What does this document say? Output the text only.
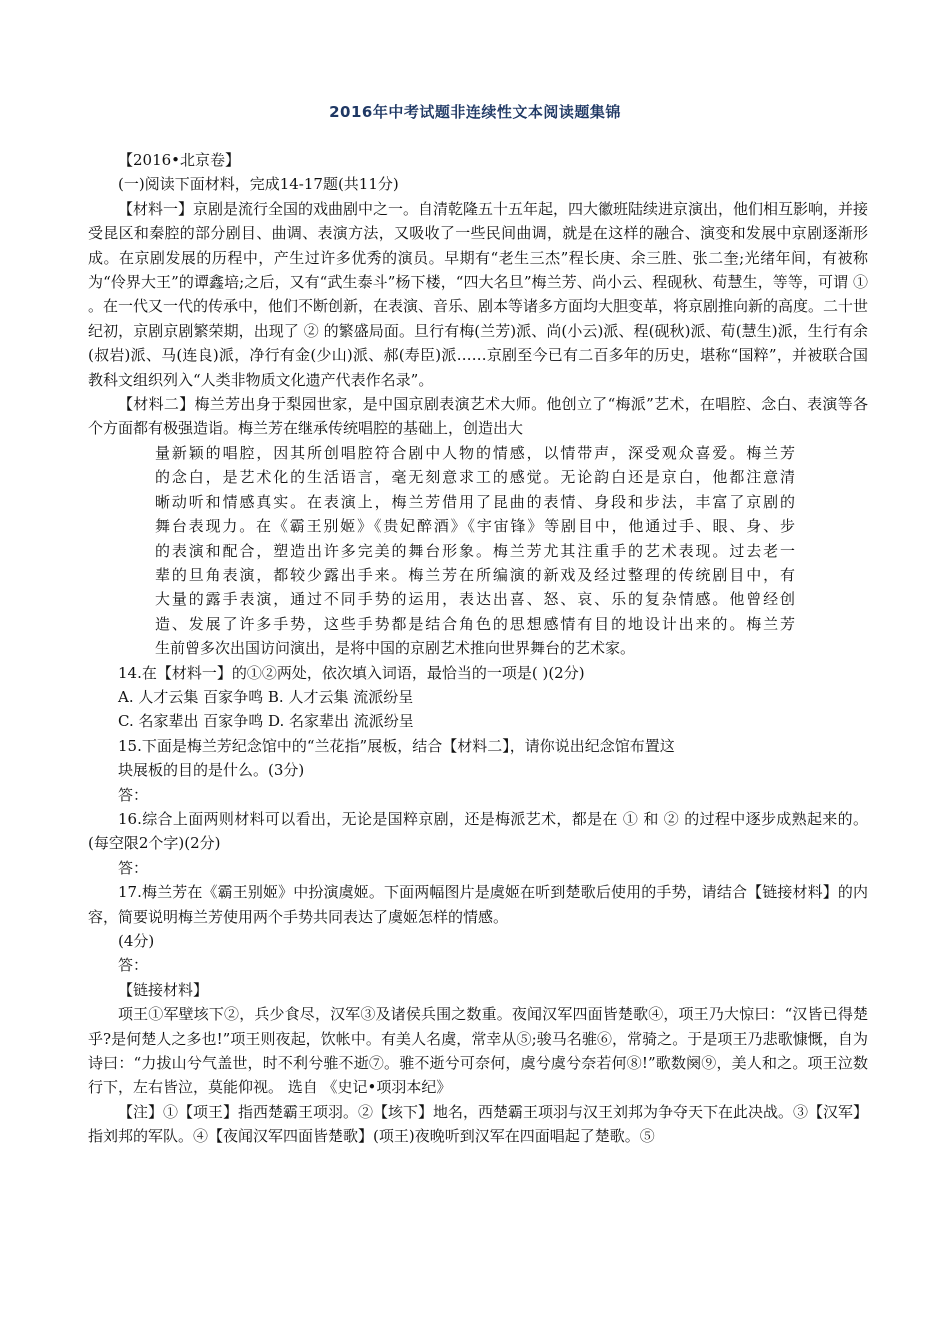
2016年中考试题非连续性文本阅读题集锦

【2016•北京卷】

(一)阅读下面材料，完成14-17题(共11分)

【材料一】京剧是流行全国的戏曲剧中之一。自清乾隆五十五年起，四大徽班陆续进京演出，他们相互影响，并接受昆区和秦腔的部分剧目、曲调、表演方法，又吸收了一些民间曲调，就是在这样的融合、演变和发展中京剧逐渐形成。在京剧发展的历程中，产生过许多优秀的演员。早期有“老生三杰”程长庚、余三胜、张二奎;光绪年间，有被称为“伶界大王”的谭鑫培;之后，又有“武生泰斗”杨下楼，“四大名旦”梅兰芳、尚小云、程砚秋、荀慧生，等等，可谓 ① 。在一代又一代的传承中，他们不断创新，在表演、音乐、剧本等诸多方面均大胆变革，将京剧推向新的高度。二十世纪初，京剧京剧繁荣期，出现了 ② 的繁盛局面。旦行有梅(兰芳)派、尚(小云)派、程(砚秋)派、荀(慧生)派，生行有余(叔岩)派、马(连良)派，净行有金(少山)派、郝(寿臣)派……京剧至今已有二百多年的历史，堪称“国粹”，并被联合国教科文组织列入“人类非物质文化遗产代表作名录”。

【材料二】梅兰芳出身于梨园世家，是中国京剧表演艺术大师。他创立了“梅派”艺术，在唱腔、念白、表演等各个方面都有极强造诣。梅兰芳在继承传统唱腔的基础上，创造出大

量新颖的唱腔，因其所创唱腔符合剧中人物的情感，以情带声，深受观众喜爱。梅兰芳

的念白，是艺术化的生活语言，毫无刻意求工的感觉。无论韵白还是京白，他都注意清

晰动听和情感真实。在表演上，梅兰芳借用了昆曲的表情、身段和步法，丰富了京剧的

舞台表现力。在《霸王别姬》《贵妃醉酒》《宇宙锋》等剧目中，他通过手、眼、身、步

的表演和配合，塑造出许多完美的舞台形象。梅兰芳尤其注重手的艺术表现。过去老一

辈的旦角表演，都较少露出手来。梅兰芳在所编演的新戏及经过整理的传统剧目中，有

大量的露手表演，通过不同手势的运用，表达出喜、怒、哀、乐的复杂情感。他曾经创

造、发展了许多手势，这些手势都是结合角色的思想感情有目的地设计出来的。梅兰芳

生前曾多次出国访问演出，是将中国的京剧艺术推向世界舞台的艺术家。

14.在【材料一】的①②两处，依次填入词语，最恰当的一项是( )(2分)

A. 人才云集 百家争鸣 B. 人才云集 流派纷呈

C. 名家辈出 百家争鸣 D. 名家辈出 流派纷呈

15.下面是梅兰芳纪念馆中的“兰花指”展板，结合【材料二】，请你说出纪念馆布置这

块展板的目的是什么。(3分)

答：

16.综合上面两则材料可以看出，无论是国粹京剧，还是梅派艺术，都是在 ① 和 ② 的过程中逐步成熟起来的。(每空限2个字)(2分)

答：

17.梅兰芳在《霸王别姬》中扮演虞姬。下面两幅图片是虞姬在听到楚歌后使用的手势，请结合【链接材料】的内容，简要说明梅兰芳使用两个手势共同表达了虞姬怎样的情感。

(4分)

答：

【链接材料】

项王①军壁垓下②，兵少食尽，汉军③及诸侯兵围之数重。夜闻汉军四面皆楚歌④，项王乃大惊曰：“汉皆已得楚乎?是何楚人之多也!”项王则夜起，饮帐中。有美人名虞，常幸从⑤;骏马名骓⑥，常骑之。于是项王乃悲歌慷慨，自为诗曰：“力拔山兮气盖世，时不利兮骓不逝⑦。骓不逝兮可奈何，虞兮虞兮奈若何⑧!”歌数阕⑨，美人和之。项王泣数行下，左右皆泣，莫能仰视。 选自 《史记•项羽本纪》

【注】①【项王】指西楚霸王项羽。②【垓下】地名，西楚霸王项羽与汉王刘邦为争夺天下在此决战。③【汉军】指刘邦的军队。④【夜闻汉军四面皆楚歌】(项王)夜晚听到汉军在四面唱起了楚歌。⑤
